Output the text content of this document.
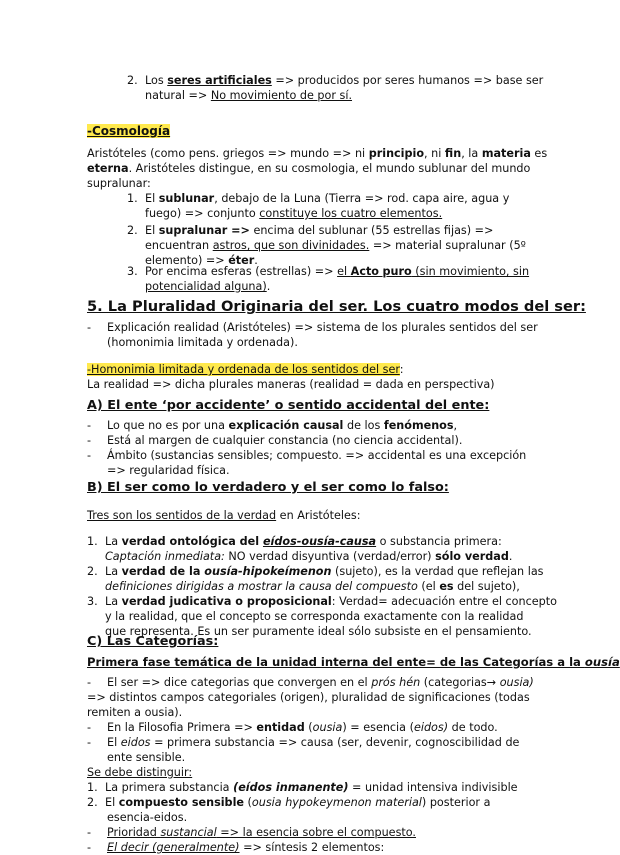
2. Los seres artificiales => producidos por seres humanos => base ser
natural => No movimiento de por sí.
-Cosmología
Aristóteles (como pens. griegos => mundo => ni principio, ni fin, la materia es
eterna. Aristóteles distingue, en su cosmologia, el mundo sublunar del mundo
supralunar:
1. El sublunar, debajo de la Luna (Tierra => rod. capa aire, agua y
fuego) => conjunto constituye los cuatro elementos.
2. El supralunar => encima del sublunar (55 estrellas fijas) =>
encuentran astros, que son divinidades. => material supralunar (5º
elemento) => éter.
3. Por encima esferas (estrellas) => el Acto puro (sin movimiento, sin
potencialidad alguna).
5. La Pluralidad Originaria del ser. Los cuatro modos del ser:
- Explicación realidad (Aristóteles) => sistema de los plurales sentidos del ser
(homonimia limitada y ordenada).
-Homonimia limitada y ordenada de los sentidos del ser:
La realidad => dicha plurales maneras (realidad = dada en perspectiva)
A) El ente ‘por accidente’ o sentido accidental del ente:
- Lo que no es por una explicación causal de los fenómenos,
- Está al margen de cualquier constancia (no ciencia accidental).
- Ámbito (sustancias sensibles; compuesto. => accidental es una excepción
=> regularidad física.
B) El ser como lo verdadero y el ser como lo falso:
Tres son los sentidos de la verdad en Aristóteles:
1. La verdad ontológica del eídos-ousía-causa o substancia primera:
Captación inmediata: NO verdad disyuntiva (verdad/error) sólo verdad.
2. La verdad de la ousía-hipokeímenon (sujeto), es la verdad que reflejan las
definiciones dirigidas a mostrar la causa del compuesto (el es del sujeto),
3. La verdad judicativa o proposicional: Verdad= adecuación entre el concepto
y la realidad, que el concepto se corresponda exactamente con la realidad
que representa. Es un ser puramente ideal sólo subsiste en el pensamiento.
C) Las Categorías:
Primera fase temática de la unidad interna del ente= de las Categorías a la ousía
- El ser => dice categorias que convergen en el prós hén (categorias→ ousia)
=> distintos campos categoriales (origen), pluralidad de significaciones (todas
remiten a ousia).
- En la Filosofia Primera => entidad (ousia) = esencia (eidos) de todo.
- El eidos = primera substancia => causa (ser, devenir, cognoscibilidad de
ente sensible.
Se debe distinguir:
1. La primera substancia (eídos inmanente) = unidad intensiva indivisible
2. El compuesto sensible (ousia hypokeymenon material) posterior a
esencia-eidos.
- Prioridad sustancial => la esencia sobre el compuesto.
- El decir (generalmente) => síntesis 2 elementos:
